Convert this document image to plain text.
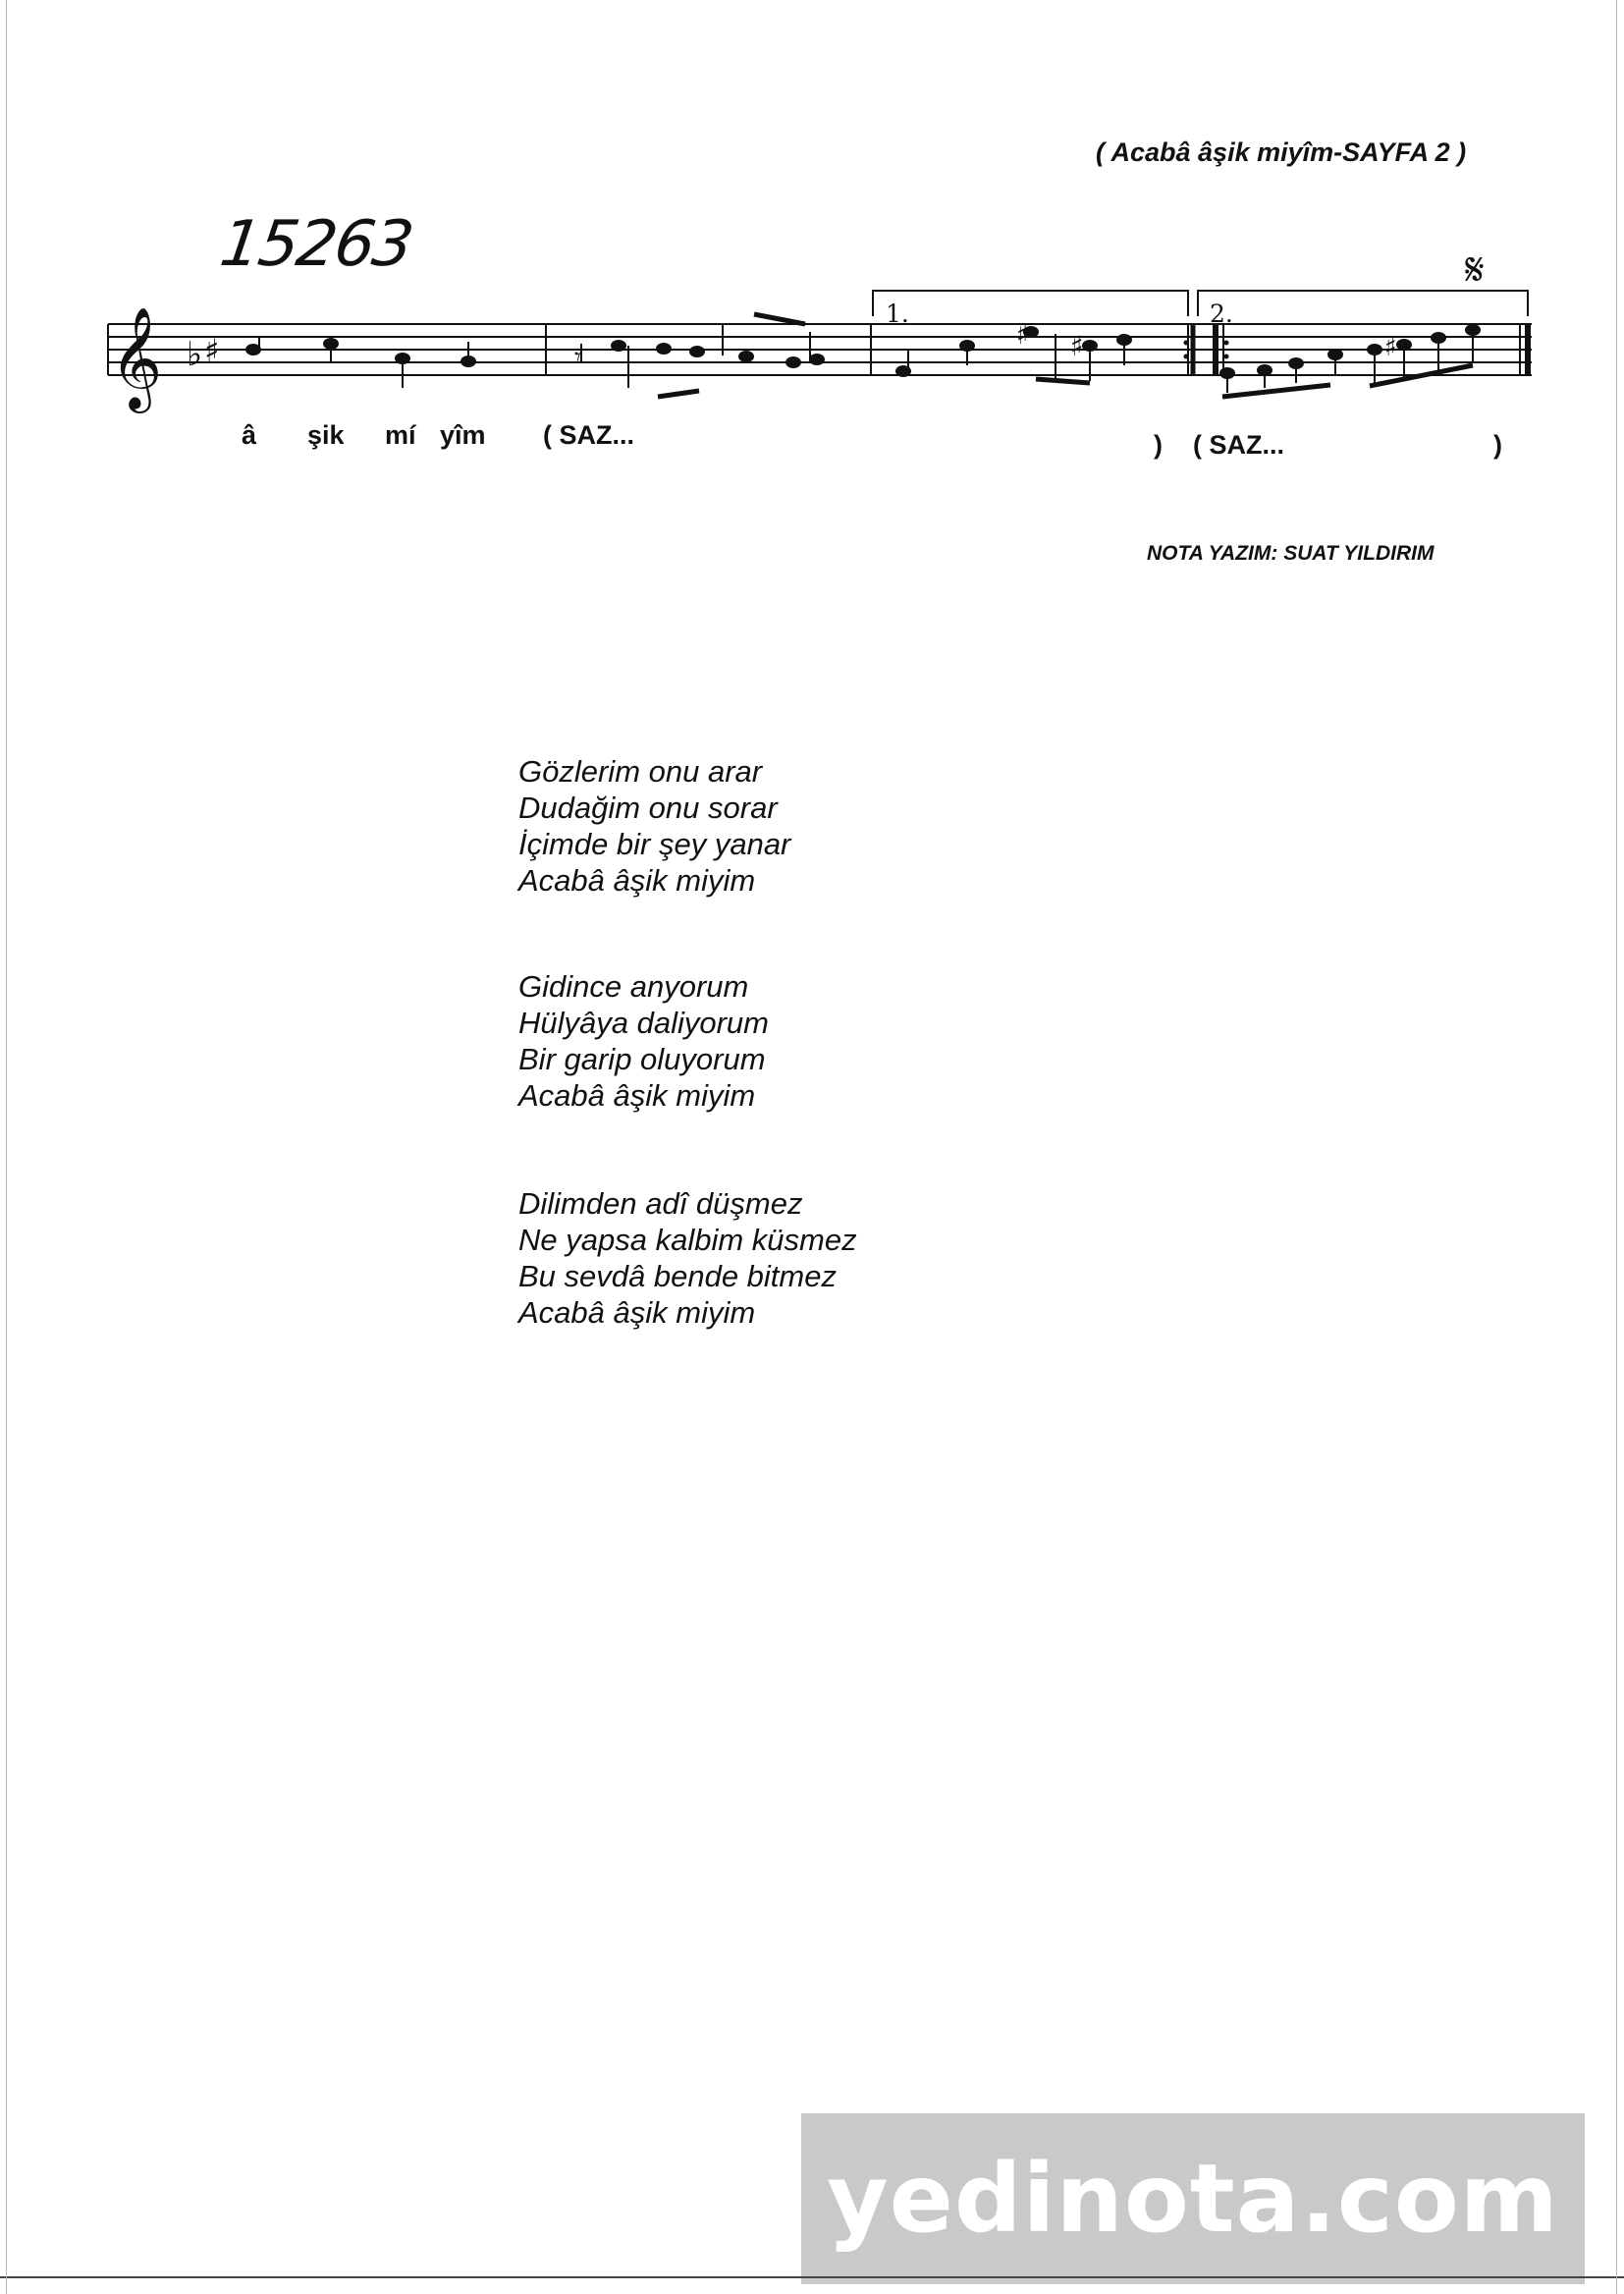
( Acabâ âşik miyîm-SAYFA 2 )
15263
𝄞 ♭ ♯	♯ ♯	♯
𝄾
𝄋
1.	2.
â şik mí yîm ( SAZ...	) ( SAZ...	)
NOTA YAZIM: SUAT YILDIRIM
Gözlerim onu arar
Dudağim onu sorar
İçimde bir şey yanar
Acabâ âşik miyim
Gidince anyorum
Hülyâya daliyorum
Bir garip oluyorum
Acabâ âşik miyim
Dilimden adî düşmez
Ne yapsa kalbim küsmez
Bu sevdâ bende bitmez
Acabâ âşik miyim
yedinota.com
